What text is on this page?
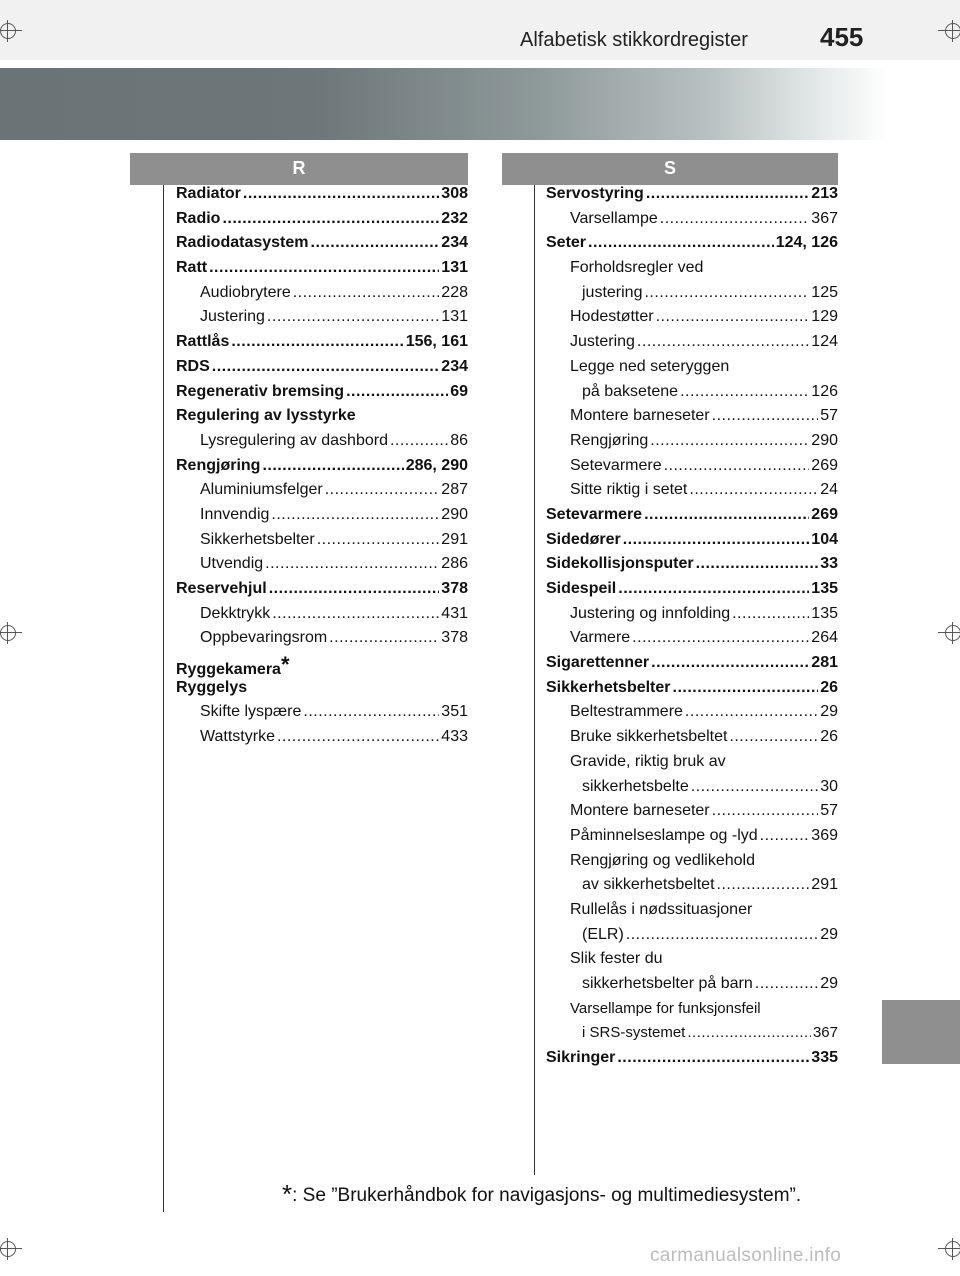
Alfabetisk stikkordregister	455
R	S
Radiator .....	308
Radio .....	232
Radiodatasystem .....	234
Ratt .....	131
Audiobrytere .....	228
Justering .....	131
Rattlås .....	156, 161
RDS .....	234
Regenerativ bremsing .....	69
Regulering av lysstyrke
Lysregulering av dashbord .....	86
Rengjøring .....	286, 290
Aluminiumsfelger .....	287
Innvendig .....	290
Sikkerhetsbelter .....	291
Utvendig .....	286
Reservehjul .....	378
Dekktrykk .....	431
Oppbevaringsrom .....	378
Ryggekamera *
Ryggelys
Skifte lyspære .....	351
Wattstyrke .....	433
Servostyring .....	213
Varsellampe .....	367
Seter .....	124, 126
Forholdsregler ved
justering .....	125
Hodestøtter .....	129
Justering .....	124
Legge ned seteryggen
på baksetene .....	126
Montere barneseter .....	57
Rengjøring .....	290
Setevarmere .....	269
Sitte riktig i setet .....	24
Setevarmere .....	269
Sidedører .....	104
Sidekollisjonsputer .....	33
Sidespeil .....	135
Justering og innfolding .....	135
Varmere .....	264
Sigarettenner .....	281
Sikkerhetsbelter .....	26
Beltestrammere .....	29
Bruke sikkerhetsbeltet .....	26
Gravide, riktig bruk av
sikkerhetsbelte .....	30
Montere barneseter .....	57
Påminnelseslampe og -lyd .....	369
Rengjøring og vedlikehold
av sikkerhetsbeltet .....	291
Rullelås i nødssituasjoner
(ELR) .....	29
Slik fester du
sikkerhetsbelter på barn .....	29
Varsellampe for funksjonsfeil
i SRS-systemet .....	367
Sikringer .....	335
*: Se ”Brukerhåndbok for navigasjons- og multimediesystem”.
carmanualsonline.info
